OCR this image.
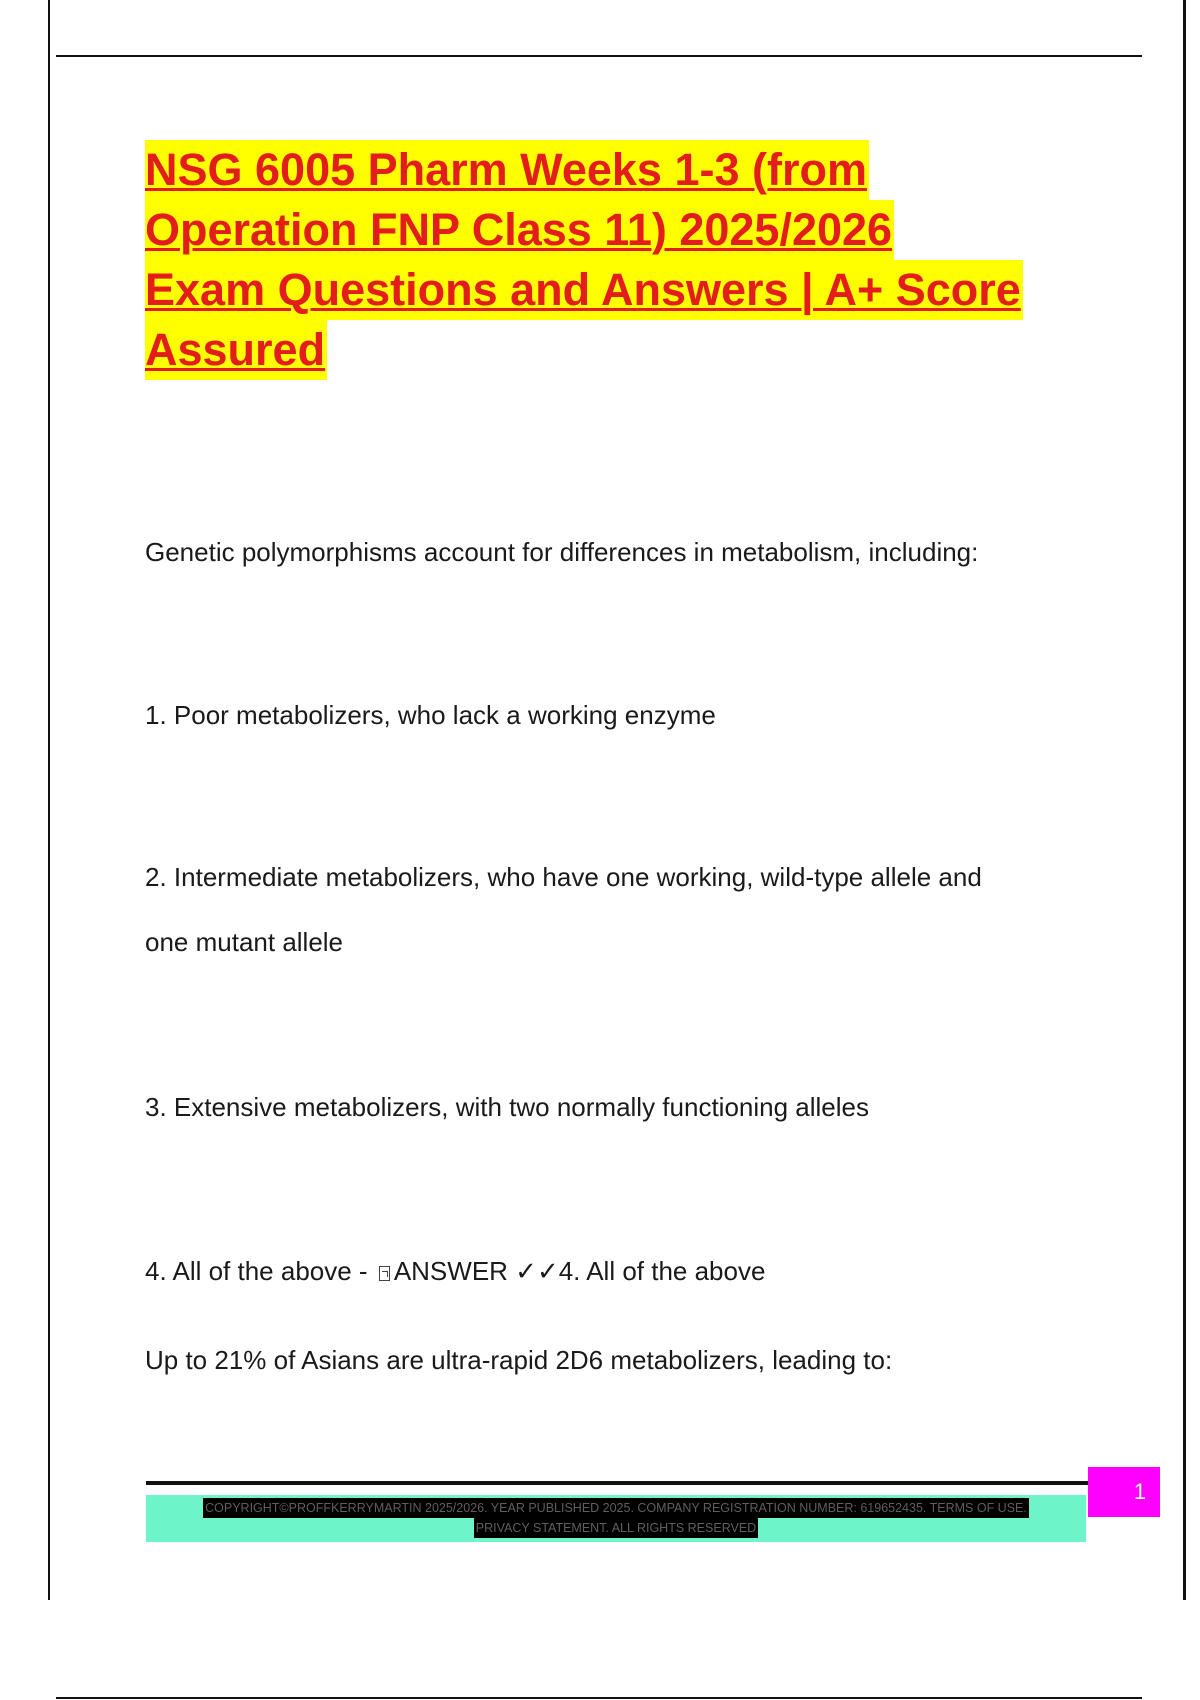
NSG 6005 Pharm Weeks 1-3 (from
Operation FNP Class 11) 2025/2026
Exam Questions and Answers | A+ Score
Assured
Genetic polymorphisms account for differences in metabolism, including:
1. Poor metabolizers, who lack a working enzyme
2. Intermediate metabolizers, who have one working, wild-type allele and
one mutant allele
3. Extensive metabolizers, with two normally functioning alleles
4. All of the above - ANSWER ✓✓4. All of the above
Up to 21% of Asians are ultra-rapid 2D6 metabolizers, leading to:
COPYRIGHT©PROFFKERRYMARTIN 2025/2026. YEAR PUBLISHED 2025. COMPANY REGISTRATION NUMBER: 619652435. TERMS OF USE.
PRIVACY STATEMENT. ALL RIGHTS RESERVED
1
